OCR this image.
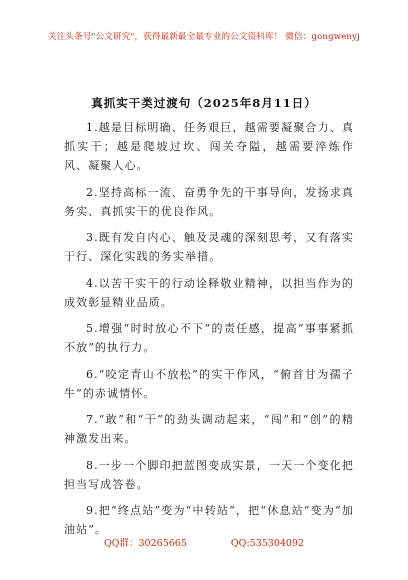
关注头条号"公文研究"，获得最新最全最专业的公文资料库！ 微信：gongwenyj
真抓实干类过渡句（2025年8月11日）

1.越是目标明确、任务艰巨，越需要凝聚合力、真抓实干；越是爬坡过坎、闯关夺隘，越需要淬炼作风、凝聚人心。

2.坚持高标一流、奋勇争先的干事导向，发扬求真务实、真抓实干的优良作风。

3.既有发自内心、触及灵魂的深刻思考，又有落实于行、深化实践的务实举措。

4.以苦干实干的行动诠释敬业精神，以担当作为的成效彰显精业品质。

5.增强“时时放心不下”的责任感，提高“事事紧抓不放”的执行力。

6.“咬定青山不放松”的实干作风，“俯首甘为孺子牛”的赤诚情怀。

7.“敢”和“干”的劲头调动起来，“闯”和“创”的精神激发出来。

8.一步一个脚印把蓝图变成实景，一天一个变化把担当写成答卷。

9.把“终点站”变为“中转站”，把“休息站”变为“加油站”。

QQ群：30265665	QQ:535304092
